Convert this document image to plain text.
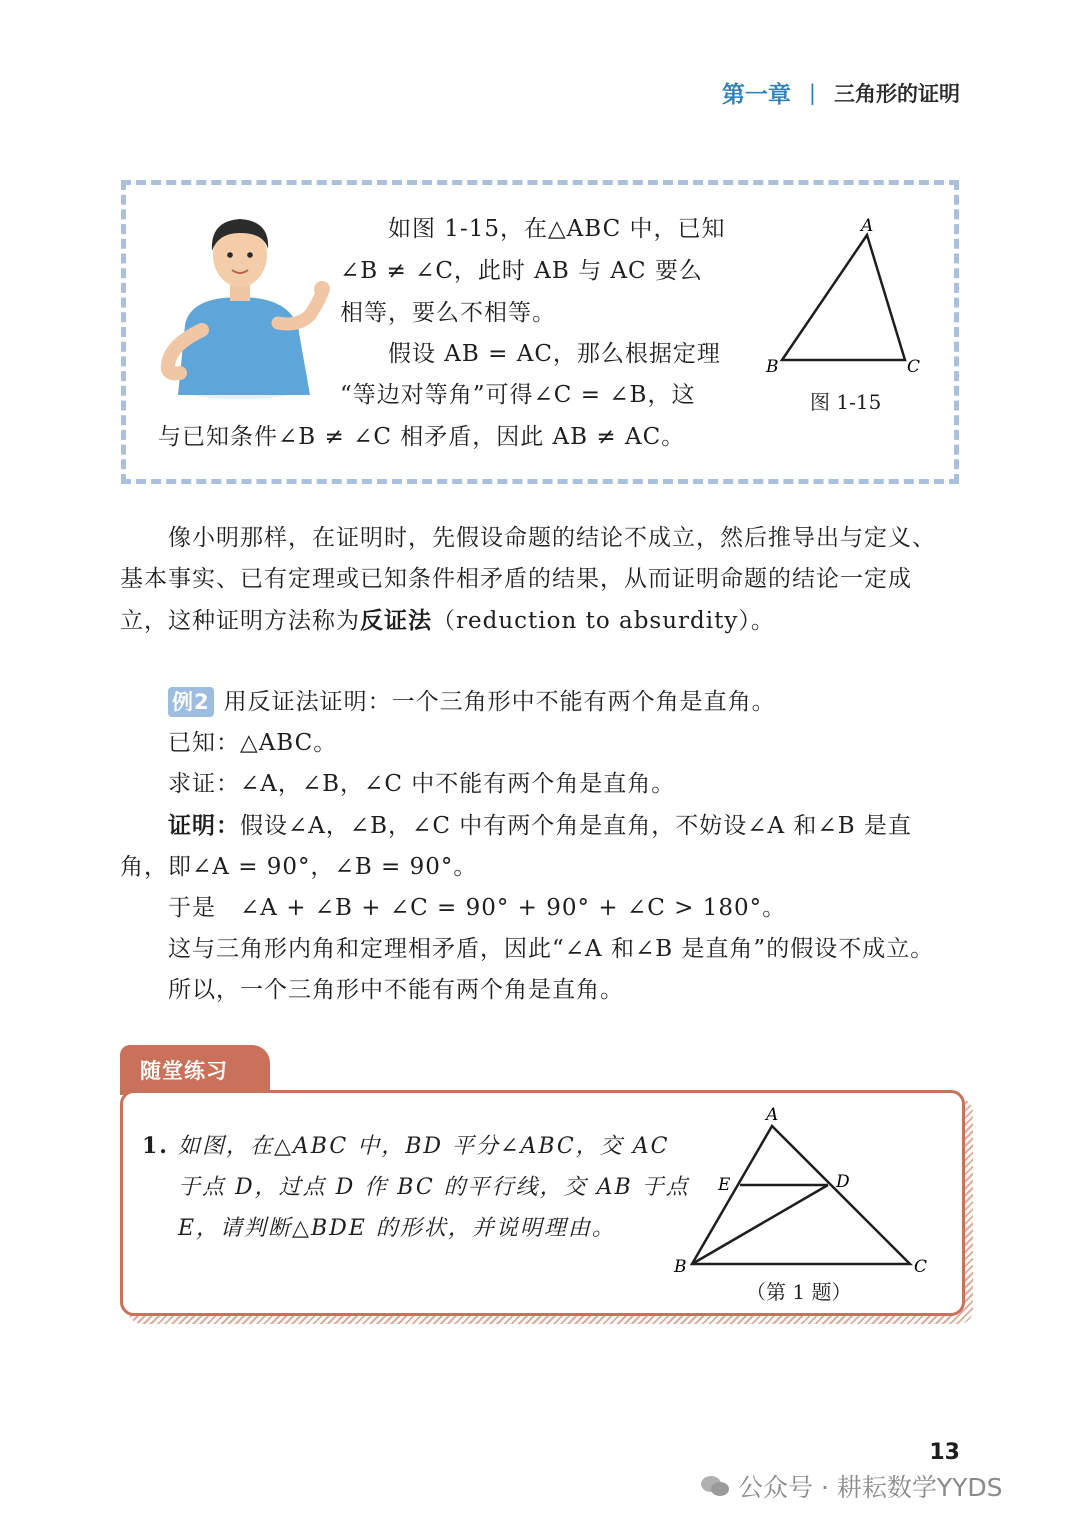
第一章 | 三角形的证明
如图 1-15，在△ABC 中，已知
∠B ≠ ∠C，此时 AB 与 AC 要么
相等，要么不相等。
假设 AB = AC，那么根据定理
“等边对等角”可得∠C = ∠B，这
与已知条件∠B ≠ ∠C 相矛盾，因此 AB ≠ AC。
A
B	C
图 1-15

像小明那样，在证明时，先假设命题的结论不成立，然后推导出与定义、

基本事实、已有定理或已知条件相矛盾的结果，从而证明命题的结论一定成

立，这种证明方法称为反证法（reduction to absurdity）。

例2 用反证法证明：一个三角形中不能有两个角是直角。

已知：△ABC。

求证：∠A，∠B，∠C 中不能有两个角是直角。

证明：假设∠A，∠B，∠C 中有两个角是直角，不妨设∠A 和∠B 是直

角，即∠A = 90°，∠B = 90°。

于是　∠A + ∠B + ∠C = 90° + 90° + ∠C > 180°。

这与三角形内角和定理相矛盾，因此“∠A 和∠B 是直角”的假设不成立。

所以，一个三角形中不能有两个角是直角。

随堂练习
1. 如图，在△ABC 中，BD 平分∠ABC，交 AC
于点 D，过点 D 作 BC 的平行线，交 AB 于点
E，请判断△BDE 的形状，并说明理由。
A
E	D
B	C
（第 1 题）
13
公众号 · 耕耘数学YYDS
